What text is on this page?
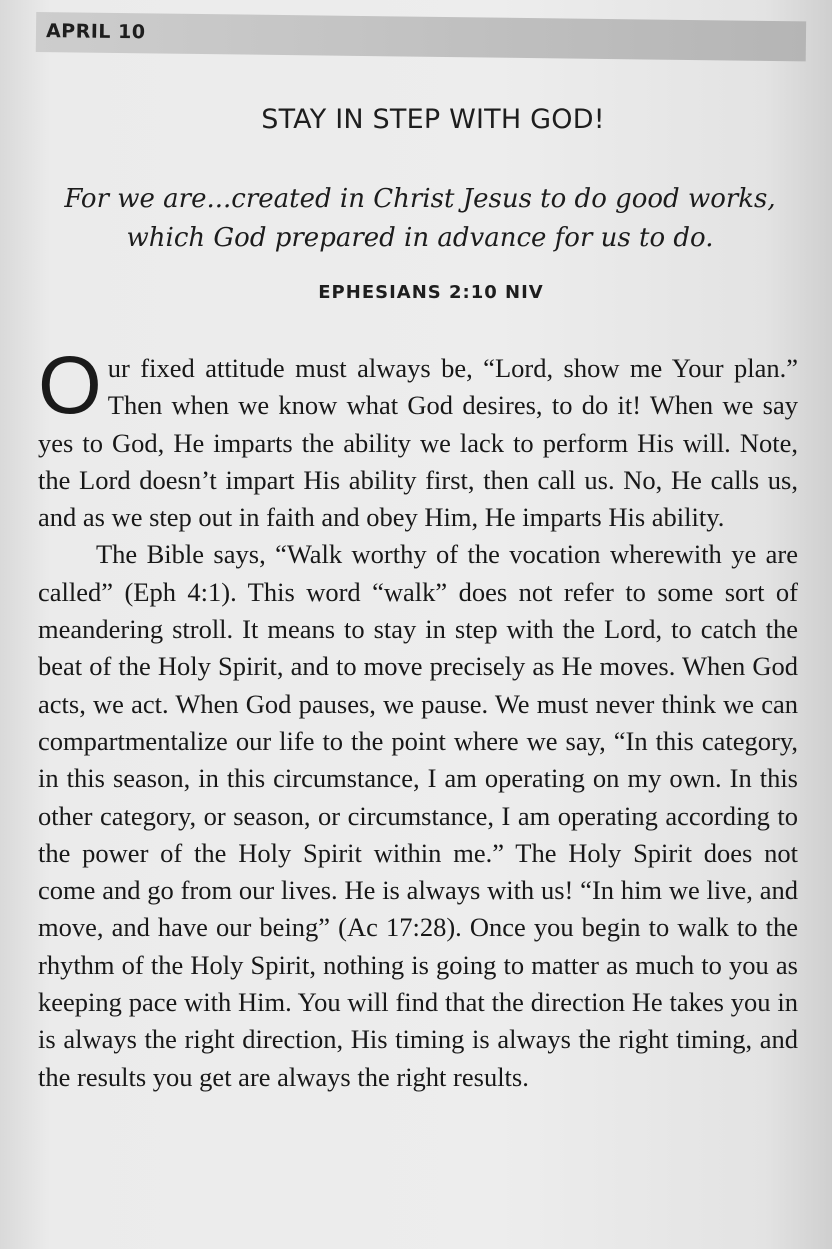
APRIL 10
STAY IN STEP WITH GOD!
For we are...created in Christ Jesus to do good works, which God prepared in advance for us to do.
EPHESIANS 2:10 NIV

Our fixed attitude must always be, “Lord, show me Your plan.” Then when we know what God desires, to do it! When we say yes to God, He imparts the ability we lack to perform His will. Note, the Lord doesn’t impart His ability first, then call us. No, He calls us, and as we step out in faith and obey Him, He imparts His ability.

The Bible says, “Walk worthy of the vocation wherewith ye are called” (Eph 4:1). This word “walk” does not refer to some sort of meandering stroll. It means to stay in step with the Lord, to catch the beat of the Holy Spirit, and to move precisely as He moves. When God acts, we act. When God pauses, we pause. We must never think we can compartmentalize our life to the point where we say, “In this category, in this season, in this circumstance, I am operating on my own. In this other category, or season, or circumstance, I am operating according to the power of the Holy Spirit within me.” The Holy Spirit does not come and go from our lives. He is always with us! “In him we live, and move, and have our being” (Ac 17:28). Once you begin to walk to the rhythm of the Holy Spirit, nothing is going to matter as much to you as keeping pace with Him. You will find that the direction He takes you in is always the right direction, His timing is always the right timing, and the results you get are always the right results.
